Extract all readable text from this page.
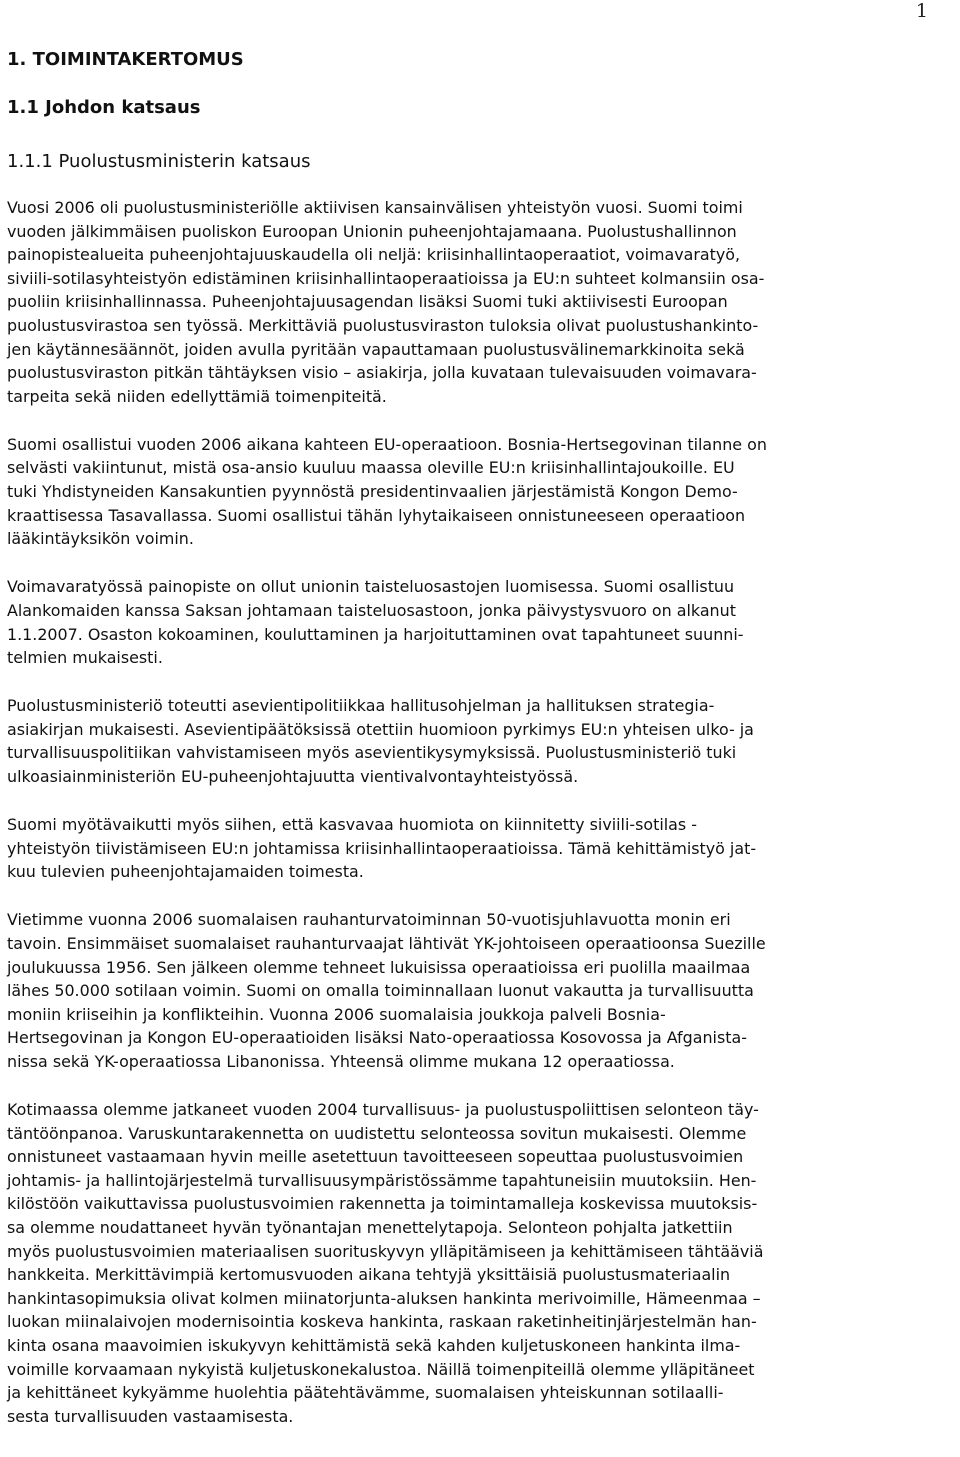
1
1. TOIMINTAKERTOMUS
1.1 Johdon katsaus
1.1.1 Puolustusministerin katsaus
Vuosi 2006 oli puolustusministeriölle aktiivisen kansainvälisen yhteistyön vuosi. Suomi toimi
vuoden jälkimmäisen puoliskon Euroopan Unionin puheenjohtajamaana. Puolustushallinnon
painopistealueita puheenjohtajuuskaudella oli neljä: kriisinhallintaoperaatiot, voimavaratyö,
siviili-sotilasyhteistyön edistäminen kriisinhallintaoperaatioissa ja EU:n suhteet kolmansiin osa-
puoliin kriisinhallinnassa. Puheenjohtajuusagendan lisäksi Suomi tuki aktiivisesti Euroopan
puolustusvirastoa sen työssä. Merkittäviä puolustusviraston tuloksia olivat puolustushankinto-
jen käytännesäännöt, joiden avulla pyritään vapauttamaan puolustusvälinemarkkinoita sekä
puolustusviraston pitkän tähtäyksen visio – asiakirja, jolla kuvataan tulevaisuuden voimavara-
tarpeita sekä niiden edellyttämiä toimenpiteitä.
Suomi osallistui vuoden 2006 aikana kahteen EU-operaatioon. Bosnia-Hertsegovinan tilanne on
selvästi vakiintunut, mistä osa-ansio kuuluu maassa oleville EU:n kriisinhallintajoukoille. EU
tuki Yhdistyneiden Kansakuntien pyynnöstä presidentinvaalien järjestämistä Kongon Demo-
kraattisessa Tasavallassa. Suomi osallistui tähän lyhytaikaiseen onnistuneeseen operaatioon
lääkintäyksikön voimin.
Voimavaratyössä painopiste on ollut unionin taisteluosastojen luomisessa. Suomi osallistuu
Alankomaiden kanssa Saksan johtamaan taisteluosastoon, jonka päivystysvuoro on alkanut
1.1.2007. Osaston kokoaminen, kouluttaminen ja harjoituttaminen ovat tapahtuneet suunni-
telmien mukaisesti.
Puolustusministeriö toteutti asevientipolitiikkaa hallitusohjelman ja hallituksen strategia-
asiakirjan mukaisesti. Asevientipäätöksissä otettiin huomioon pyrkimys EU:n yhteisen ulko- ja
turvallisuuspolitiikan vahvistamiseen myös asevientikysymyksissä. Puolustusministeriö tuki
ulkoasiainministeriön EU-puheenjohtajuutta vientivalvontayhteistyössä.
Suomi myötävaikutti myös siihen, että kasvavaa huomiota on kiinnitetty siviili-sotilas -
yhteistyön tiivistämiseen EU:n johtamissa kriisinhallintaoperaatioissa. Tämä kehittämistyö jat-
kuu tulevien puheenjohtajamaiden toimesta.
Vietimme vuonna 2006 suomalaisen rauhanturvatoiminnan 50-vuotisjuhlavuotta monin eri
tavoin. Ensimmäiset suomalaiset rauhanturvaajat lähtivät YK-johtoiseen operaatioonsa Suezille
joulukuussa 1956. Sen jälkeen olemme tehneet lukuisissa operaatioissa eri puolilla maailmaa
lähes 50.000 sotilaan voimin. Suomi on omalla toiminnallaan luonut vakautta ja turvallisuutta
moniin kriiseihin ja konflikteihin. Vuonna 2006 suomalaisia joukkoja palveli Bosnia-
Hertsegovinan ja Kongon EU-operaatioiden lisäksi Nato-operaatiossa Kosovossa ja Afganista-
nissa sekä YK-operaatiossa Libanonissa. Yhteensä olimme mukana 12 operaatiossa.
Kotimaassa olemme jatkaneet vuoden 2004 turvallisuus- ja puolustuspoliittisen selonteon täy-
täntöönpanoa. Varuskuntarakennetta on uudistettu selonteossa sovitun mukaisesti. Olemme
onnistuneet vastaamaan hyvin meille asetettuun tavoitteeseen sopeuttaa puolustusvoimien
johtamis- ja hallintojärjestelmä turvallisuusympäristössämme tapahtuneisiin muutoksiin. Hen-
kilöstöön vaikuttavissa puolustusvoimien rakennetta ja toimintamalleja koskevissa muutoksis-
sa olemme noudattaneet hyvän työnantajan menettelytapoja. Selonteon pohjalta jatkettiin
myös puolustusvoimien materiaalisen suorituskyvyn ylläpitämiseen ja kehittämiseen tähtääviä
hankkeita. Merkittävimpiä kertomusvuoden aikana tehtyjä yksittäisiä puolustusmateriaalin
hankintasopimuksia olivat kolmen miinatorjunta-aluksen hankinta merivoimille, Hämeenmaa –
luokan miinalaivojen modernisointia koskeva hankinta, raskaan raketinheitinjärjestelmän han-
kinta osana maavoimien iskukyvyn kehittämistä sekä kahden kuljetuskoneen hankinta ilma-
voimille korvaamaan nykyistä kuljetuskonekalustoa. Näillä toimenpiteillä olemme ylläpitäneet
ja kehittäneet kykyämme huolehtia päätehtävämme, suomalaisen yhteiskunnan sotilaalli-
sesta turvallisuuden vastaamisesta.
